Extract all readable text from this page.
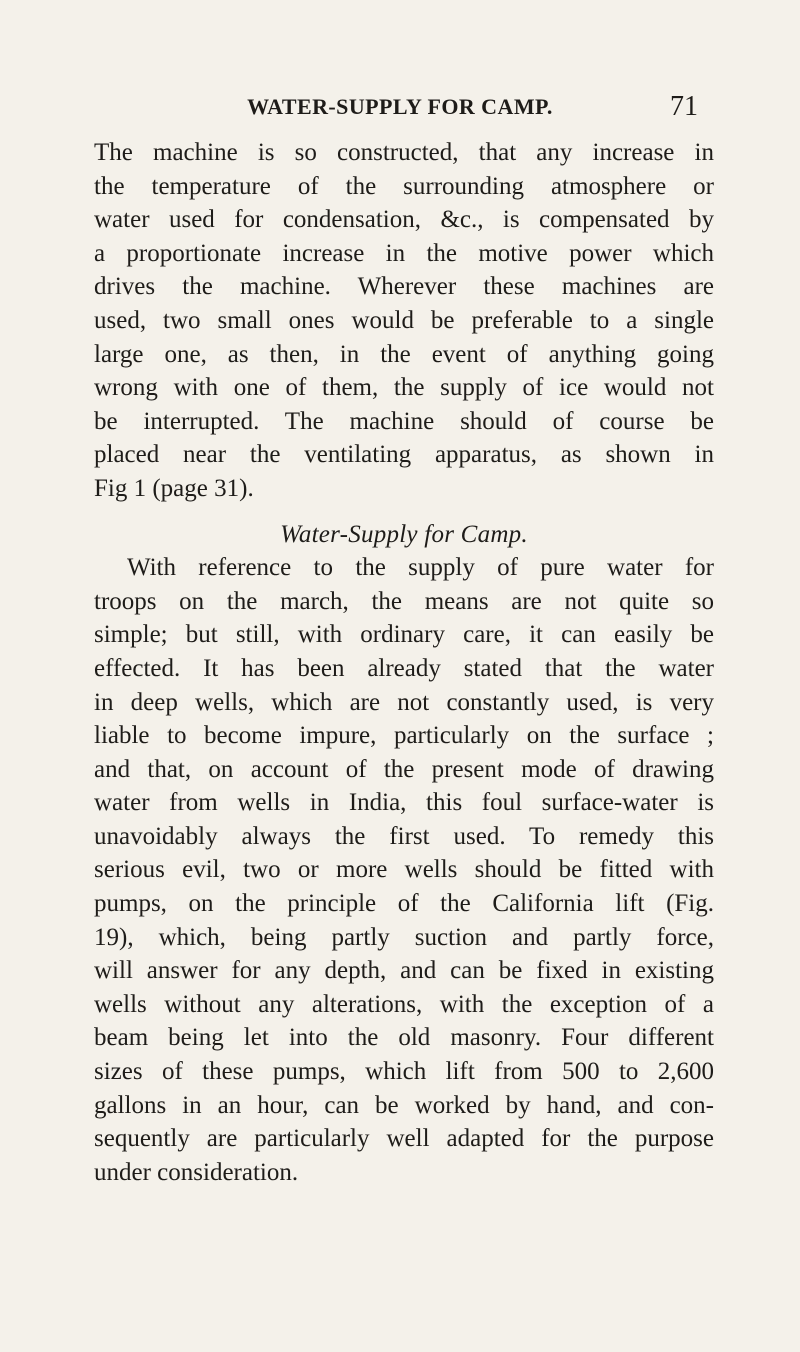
WATER-SUPPLY FOR CAMP.	71
The machine is so constructed, that any increase in
the temperature of the surrounding atmosphere or
water used for condensation, &c., is compensated by
a proportionate increase in the motive power which
drives the machine. Wherever these machines are
used, two small ones would be preferable to a single
large one, as then, in the event of anything going
wrong with one of them, the supply of ice would not
be interrupted. The machine should of course be
placed near the ventilating apparatus, as shown in
Fig 1 (page 31).
Water-Supply for Camp.
With reference to the supply of pure water for
troops on the march, the means are not quite so
simple; but still, with ordinary care, it can easily be
effected. It has been already stated that the water
in deep wells, which are not constantly used, is very
liable to become impure, particularly on the surface ;
and that, on account of the present mode of drawing
water from wells in India, this foul surface-water is
unavoidably always the first used. To remedy this
serious evil, two or more wells should be fitted with
pumps, on the principle of the California lift (Fig.
19), which, being partly suction and partly force,
will answer for any depth, and can be fixed in existing
wells without any alterations, with the exception of a
beam being let into the old masonry. Four different
sizes of these pumps, which lift from 500 to 2,600
gallons in an hour, can be worked by hand, and con-
sequently are particularly well adapted for the purpose
under consideration.
